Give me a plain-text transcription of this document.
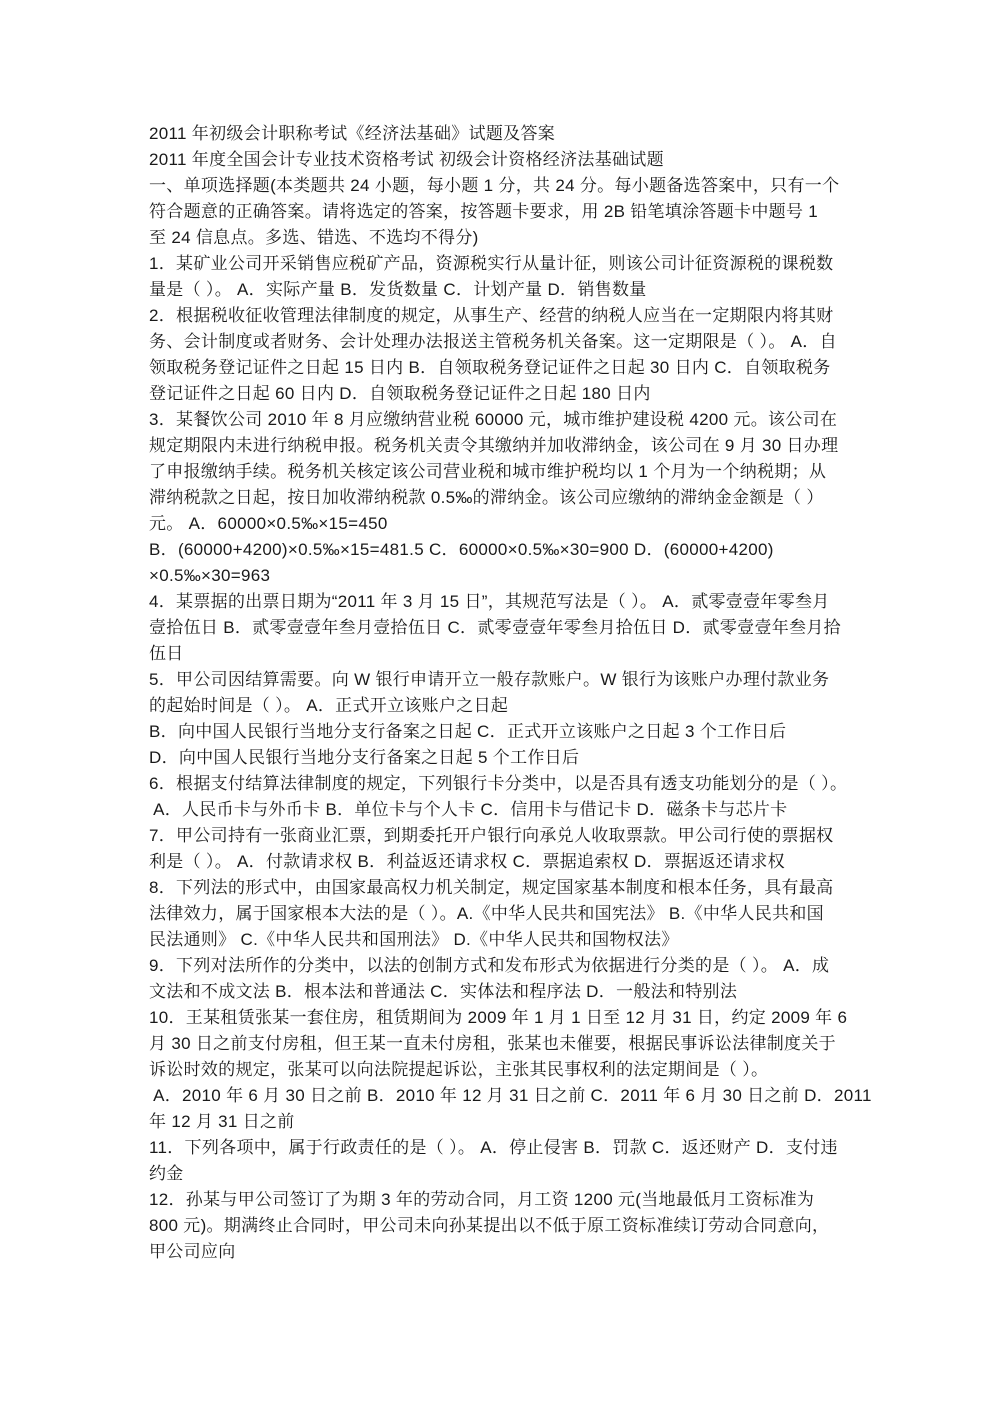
2011 年初级会计职称考试《经济法基础》试题及答案
2011 年度全国会计专业技术资格考试 初级会计资格经济法基础试题
一、单项选择题(本类题共 24 小题，每小题 1 分，共 24 分。每小题备选答案中，只有一个
符合题意的正确答案。请将选定的答案，按答题卡要求，用 2B 铅笔填涂答题卡中题号 1
至 24 信息点。多选、错选、不选均不得分)
1．某矿业公司开采销售应税矿产品，资源税实行从量计征，则该公司计征资源税的课税数
量是（ ）。 A．实际产量 B．发货数量 C．计划产量 D．销售数量
2．根据税收征收管理法律制度的规定，从事生产、经营的纳税人应当在一定期限内将其财
务、会计制度或者财务、会计处理办法报送主管税务机关备案。这一定期限是（ ）。 A．自
领取税务登记证件之日起 15 日内 B．自领取税务登记证件之日起 30 日内 C．自领取税务
登记证件之日起 60 日内 D．自领取税务登记证件之日起 180 日内
3．某餐饮公司 2010 年 8 月应缴纳营业税 60000 元，城市维护建设税 4200 元。该公司在
规定期限内未进行纳税申报。税务机关责令其缴纳并加收滞纳金，该公司在 9 月 30 日办理
了申报缴纳手续。税务机关核定该公司营业税和城市维护税均以 1 个月为一个纳税期；从
滞纳税款之日起，按日加收滞纳税款 0.5‰的滞纳金。该公司应缴纳的滞纳金金额是（ ）
元。 A．60000×0.5‰×15=450
B．(60000+4200)×0.5‰×15=481.5 C．60000×0.5‰×30=900 D．(60000+4200)
×0.5‰×30=963
4．某票据的出票日期为“2011 年 3 月 15 日”，其规范写法是（ ）。 A．贰零壹壹年零叁月
壹拾伍日 B．贰零壹壹年叁月壹拾伍日 C．贰零壹壹年零叁月拾伍日 D．贰零壹壹年叁月拾
伍日
5．甲公司因结算需要。向 W 银行申请开立一般存款账户。W 银行为该账户办理付款业务
的起始时间是（ ）。 A．正式开立该账户之日起
B．向中国人民银行当地分支行备案之日起 C．正式开立该账户之日起 3 个工作日后
D．向中国人民银行当地分支行备案之日起 5 个工作日后
6．根据支付结算法律制度的规定，下列银行卡分类中，以是否具有透支功能划分的是（ ）。
A．人民币卡与外币卡 B．单位卡与个人卡 C．信用卡与借记卡 D．磁条卡与芯片卡
7．甲公司持有一张商业汇票，到期委托开户银行向承兑人收取票款。甲公司行使的票据权
利是（ ）。 A．付款请求权 B．利益返还请求权 C．票据追索权 D．票据返还请求权
8．下列法的形式中，由国家最高权力机关制定，规定国家基本制度和根本任务，具有最高
法律效力，属于国家根本大法的是（ ）。A.《中华人民共和国宪法》 B.《中华人民共和国
民法通则》 C.《中华人民共和国刑法》 D.《中华人民共和国物权法》
9．下列对法所作的分类中，以法的创制方式和发布形式为依据进行分类的是（ ）。 A．成
文法和不成文法 B．根本法和普通法 C．实体法和程序法 D．一般法和特别法
10．王某租赁张某一套住房，租赁期间为 2009 年 1 月 1 日至 12 月 31 日，约定 2009 年 6
月 30 日之前支付房租，但王某一直未付房租，张某也未催要，根据民事诉讼法律制度关于
诉讼时效的规定，张某可以向法院提起诉讼，主张其民事权利的法定期间是（ ）。
A．2010 年 6 月 30 日之前 B．2010 年 12 月 31 日之前 C．2011 年 6 月 30 日之前 D．2011
年 12 月 31 日之前
11．下列各项中，属于行政责任的是（ ）。 A．停止侵害 B．罚款 C．返还财产 D．支付违
约金
12．孙某与甲公司签订了为期 3 年的劳动合同，月工资 1200 元(当地最低月工资标准为
800 元)。期满终止合同时，甲公司未向孙某提出以不低于原工资标准续订劳动合同意向，
甲公司应向
